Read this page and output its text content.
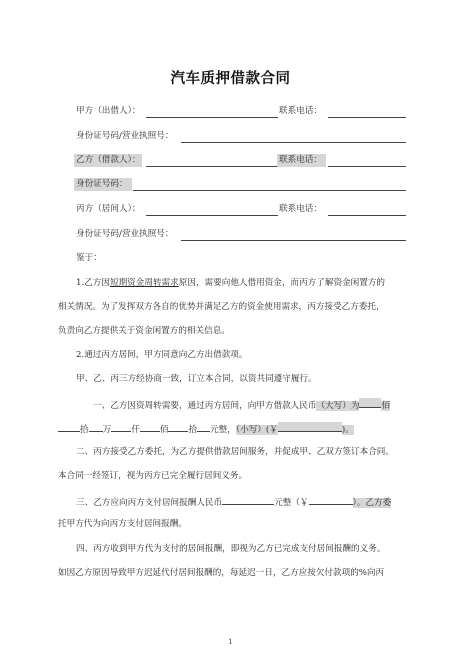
汽车质押借款合同
甲方（出借人）：	联系电话：
身份证号码/营业执照号：
乙方（借款人）：	联系电话：
身份证号码：
丙方（居间人）：	联系电话：
身份证号码/营业执照号：
鉴于：
1.乙方因短期资金周转需求原因，需要向他人借用资金，而丙方了解资金闲置方的
相关情况。为了发挥双方各自的优势并满足乙方的资金使用需求，丙方接受乙方委托，
负责向乙方提供关于资金闲置方的相关信息。
2.通过丙方居间，甲方同意向乙方出借款项。
甲、乙、丙三方经协商一致，订立本合同，以资共同遵守履行。
一、乙方因资周转需要，通过丙方居间，向甲方借款人民币（大写）为	佰
拾 万 仟 佰 拾 元整，（小写）(￥	)。
二、丙方接受乙方委托，为乙方提供借款居间服务，并促成甲、乙双方签订本合同。
本合同一经签订，视为丙方已完全履行居间义务。
三、乙方应向丙方支付居间报酬人民币	元整（￥	）。乙方委
托甲方代为向丙方支付居间报酬。
四、丙方收到甲方代为支付的居间报酬，即视为乙方已完成支付居间报酬的义务。
如因乙方原因导致甲方迟延代付居间报酬的，每延迟一日，乙方应按欠付款项的%向丙
1
